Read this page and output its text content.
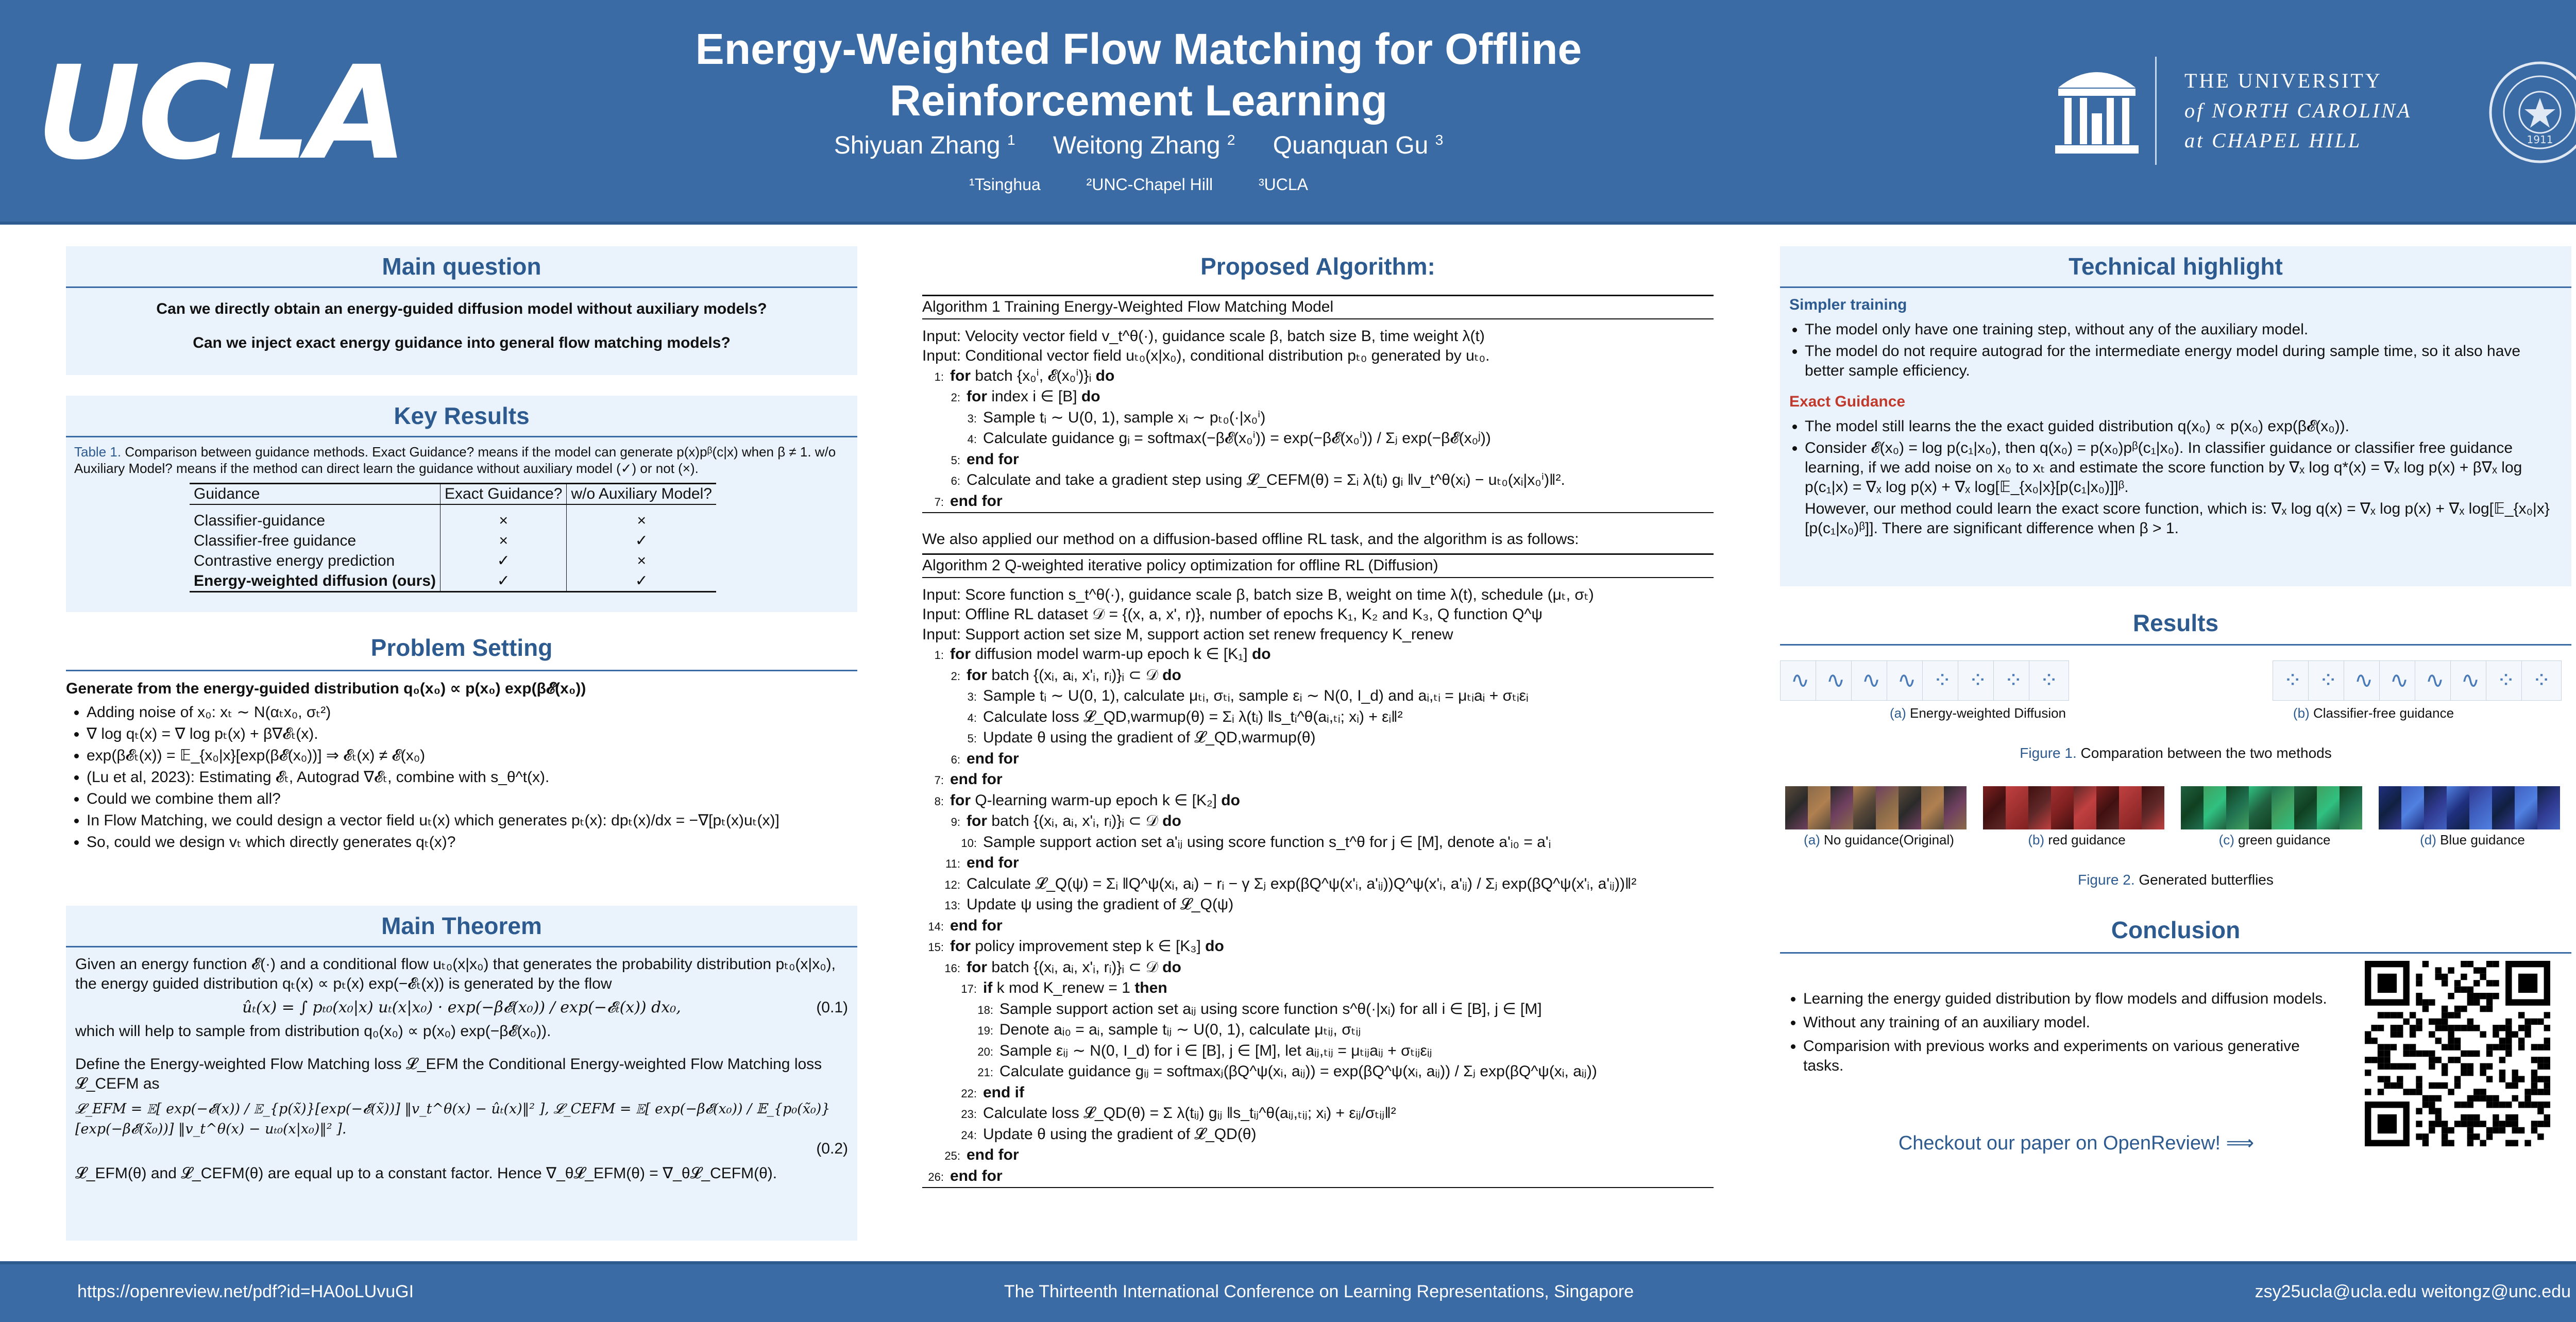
UCLA	Energy-Weighted Flow Matching for Offline Reinforcement Learning
Shiyuan Zhang $^1$ Weitong Zhang $^2$ Quanquan Gu $^3$
¹Tsinghua	²UNC-Chapel Hill	³UCLA
THE UNIVERSITY
of NORTH CAROLINA
at CHAPEL HILL	1911
Main question
Can we directly obtain an energy-guided diffusion model without auxiliary models?
Can we inject exact energy guidance into general flow matching models?
Key Results
Table 1. Comparison between guidance methods. Exact Guidance? means if the model can generate p(x)pᵝ(c|x) when β ≠ 1. w/o Auxiliary Model? means if the method can direct learn the guidance without auxiliary model (✓) or not (×).
Guidance	Exact Guidance?	w/o Auxiliary Model?

Classifier-guidance	×	×
Classifier-free guidance	×	✓
Contrastive energy prediction	✓	×
Energy-weighted diffusion (ours)	✓	✓
Problem Setting
Generate from the energy-guided distribution q₀(x₀) ∝ p(x₀) exp(β𝓔(x₀))
• Adding noise of x₀: xₜ ∼ N(αₜx₀, σₜ²)
• ∇ log qₜ(x) = ∇ log pₜ(x) + β∇𝓔ₜ(x).
• exp(β𝓔ₜ(x)) = 𝔼_{x₀|x}[exp(β𝓔(x₀))] ⇒ 𝓔ₜ(x) ≠ 𝓔(x₀)
• (Lu et al, 2023): Estimating 𝓔ₜ, Autograd ∇𝓔ₜ, combine with s_θ^t(x).
• Could we combine them all?
• In Flow Matching, we could design a vector field uₜ(x) which generates pₜ(x): dpₜ(x)/dx = −∇[pₜ(x)uₜ(x)]
• So, could we design vₜ which directly generates qₜ(x)?
Main Theorem
Given an energy function 𝓔(·) and a conditional flow uₜ₀(x|x₀) that generates the probability distribution pₜ₀(x|x₀), the energy guided distribution qₜ(x) ∝ pₜ(x) exp(−𝓔ₜ(x)) is generated by the flow
ûₜ(x) = ∫ pₜ₀(x₀|x) uₜ(x|x₀) · exp(−β𝓔(x₀)) / exp(−𝓔ₜ(x)) dx₀,	(0.1)
which will help to sample from distribution q₀(x₀) ∝ p(x₀) exp(−β𝓔(x₀)).
Define the Energy-weighted Flow Matching loss 𝓛_EFM the Conditional Energy-weighted Flow Matching loss 𝓛_CEFM as
𝓛_EFM = 𝔼[ exp(−𝓔(x)) / 𝔼_{p(x̃)}[exp(−𝓔(x̃))] ‖v_t^θ(x) − ûₜ(x)‖² ], 𝓛_CEFM = 𝔼[ exp(−β𝓔(x₀)) / 𝔼_{p₀(x̃₀)}[exp(−β𝓔(x̃₀))] ‖v_t^θ(x) − uₜ₀(x|x₀)‖² ].
(0.2)
𝓛_EFM(θ) and 𝓛_CEFM(θ) are equal up to a constant factor. Hence ∇_θ𝓛_EFM(θ) = ∇_θ𝓛_CEFM(θ).
Proposed Algorithm:
Algorithm 1 Training Energy-Weighted Flow Matching Model
Input: Velocity vector field v_t^θ(·), guidance scale β, batch size B, time weight λ(t)
Input: Conditional vector field uₜ₀(x|x₀), conditional distribution pₜ₀ generated by uₜ₀.
1: for batch {x₀ⁱ, 𝓔(x₀ⁱ)}ᵢ do
2: for index i ∈ [B] do
3: Sample tᵢ ∼ U(0, 1), sample xᵢ ∼ pₜ₀(·|x₀ⁱ)
4: Calculate guidance gᵢ = softmax(−β𝓔(x₀ⁱ)) = exp(−β𝓔(x₀ⁱ)) / Σⱼ exp(−β𝓔(x₀ʲ))
5: end for
6: Calculate and take a gradient step using 𝓛_CEFM(θ) = Σᵢ λ(tᵢ) gᵢ ‖v_t^θ(xᵢ) − uₜ₀(xᵢ|x₀ⁱ)‖².
7: end for
We also applied our method on a diffusion-based offline RL task, and the algorithm is as follows:
Algorithm 2 Q-weighted iterative policy optimization for offline RL (Diffusion)
Input: Score function s_t^θ(·), guidance scale β, batch size B, weight on time λ(t), schedule (μₜ, σₜ)
Input: Offline RL dataset 𝒟 = {(x, a, x', r)}, number of epochs K₁, K₂ and K₃, Q function Q^ψ
Input: Support action set size M, support action set renew frequency K_renew
1: for diffusion model warm-up epoch k ∈ [K₁] do
2: for batch {(xᵢ, aᵢ, x'ᵢ, rᵢ)}ᵢ ⊂ 𝒟 do
3: Sample tᵢ ∼ U(0, 1), calculate μₜᵢ, σₜᵢ, sample εᵢ ∼ N(0, I_d) and aᵢ,ₜᵢ = μₜᵢaᵢ + σₜᵢεᵢ
4: Calculate loss 𝓛_QD,warmup(θ) = Σᵢ λ(tᵢ) ‖s_tᵢ^θ(aᵢ,ₜᵢ; xᵢ) + εᵢ‖²
5: Update θ using the gradient of 𝓛_QD,warmup(θ)
6: end for
7: end for
8: for Q-learning warm-up epoch k ∈ [K₂] do
9: for batch {(xᵢ, aᵢ, x'ᵢ, rᵢ)}ᵢ ⊂ 𝒟 do
10: Sample support action set a'ᵢⱼ using score function s_t^θ for j ∈ [M], denote a'ᵢ₀ = a'ᵢ
11: end for
12: Calculate 𝓛_Q(ψ) = Σᵢ ‖Q^ψ(xᵢ, aᵢ) − rᵢ − γ Σⱼ exp(βQ^ψ(x'ᵢ, a'ᵢⱼ))Q^ψ(x'ᵢ, a'ᵢⱼ) / Σⱼ exp(βQ^ψ(x'ᵢ, a'ᵢⱼ))‖²
13: Update ψ using the gradient of 𝓛_Q(ψ)
14: end for
15: for policy improvement step k ∈ [K₃] do
16: for batch {(xᵢ, aᵢ, x'ᵢ, rᵢ)}ᵢ ⊂ 𝒟 do
17: if k mod K_renew = 1 then
18: Sample support action set aᵢⱼ using score function s^θ(·|xᵢ) for all i ∈ [B], j ∈ [M]
19: Denote aᵢ₀ = aᵢ, sample tᵢⱼ ∼ U(0, 1), calculate μₜᵢⱼ, σₜᵢⱼ
20: Sample εᵢⱼ ∼ N(0, I_d) for i ∈ [B], j ∈ [M], let aᵢⱼ,ₜᵢⱼ = μₜᵢⱼaᵢⱼ + σₜᵢⱼεᵢⱼ
21: Calculate guidance gᵢⱼ = softmaxⱼ(βQ^ψ(xᵢ, aᵢⱼ)) = exp(βQ^ψ(xᵢ, aᵢⱼ)) / Σⱼ exp(βQ^ψ(xᵢ, aᵢⱼ))
22: end if
23: Calculate loss 𝓛_QD(θ) = Σ λ(tᵢⱼ) gᵢⱼ ‖s_tᵢⱼ^θ(aᵢⱼ,ₜᵢⱼ; xᵢ) + εᵢⱼ/σₜᵢⱼ‖²
24: Update θ using the gradient of 𝓛_QD(θ)
25: end for
26: end for
Technical highlight
Simpler training
• The model only have one training step, without any of the auxiliary model.
• The model do not require autograd for the intermediate energy model during sample time, so it also have better sample efficiency.
Exact Guidance
• The model still learns the the exact guided distribution q(x₀) ∝ p(x₀) exp(β𝓔(x₀)).
• Consider 𝓔(x₀) = log p(c₁|x₀), then q(x₀) = p(x₀)pᵝ(c₁|x₀). In classifier guidance or classifier free guidance learning, if we add noise on x₀ to xₜ and estimate the score function by ∇ₓ log q*(x) = ∇ₓ log p(x) + β∇ₓ log p(c₁|x) = ∇ₓ log p(x) + ∇ₓ log[𝔼_{x₀|x}[p(c₁|x₀)]]ᵝ.
However, our method could learn the exact score function, which is: ∇ₓ log q(x) = ∇ₓ log p(x) + ∇ₓ log[𝔼_{x₀|x}[p(c₁|x₀)ᵝ]]. There are significant difference when β > 1.
Results
∿ ∿ ∿ ∿ ⁘ ⁘ ⁘ ⁘	⁘ ⁘ ∿ ∿ ∿ ∿ ⁘ ⁘
(a) Energy-weighted Diffusion	(b) Classifier-free guidance
Figure 1. Comparation between the two methods
(a) No guidance(Original)	(b) red guidance	(c) green guidance	(d) Blue guidance
Figure 2. Generated butterflies
Conclusion
• Learning the energy guided distribution by flow models and diffusion models.
• Without any training of an auxiliary model.
• Comparision with previous works and experiments on various generative tasks.
Checkout our paper on OpenReview! ⟹
https://openreview.net/pdf?id=HA0oLUvuGI	The Thirteenth International Conference on Learning Representations, Singapore	zsy25ucla@ucla.edu weitongz@unc.edu
